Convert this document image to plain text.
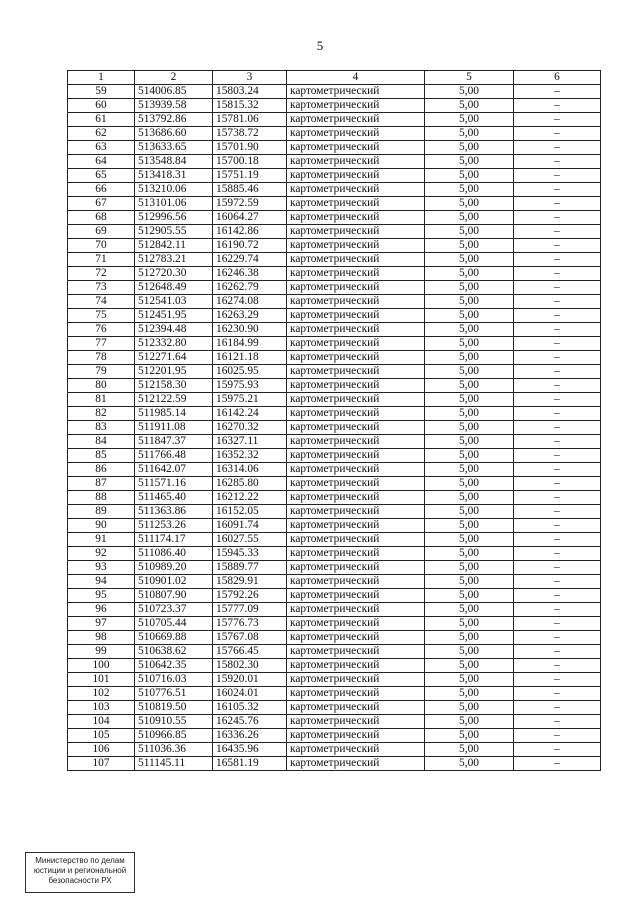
5
1	2	3	4	5	6
59	514006.85	15803.24	картометрический	5,00	–
60	513939.58	15815.32	картометрический	5,00	–
61	513792.86	15781.06	картометрический	5,00	–
62	513686.60	15738.72	картометрический	5,00	–
63	513633.65	15701.90	картометрический	5,00	–
64	513548.84	15700.18	картометрический	5,00	–
65	513418.31	15751.19	картометрический	5,00	–
66	513210.06	15885.46	картометрический	5,00	–
67	513101.06	15972.59	картометрический	5,00	–
68	512996.56	16064.27	картометрический	5,00	–
69	512905.55	16142.86	картометрический	5,00	–
70	512842.11	16190.72	картометрический	5,00	–
71	512783.21	16229.74	картометрический	5,00	–
72	512720.30	16246.38	картометрический	5,00	–
73	512648.49	16262.79	картометрический	5,00	–
74	512541.03	16274.08	картометрический	5,00	–
75	512451.95	16263.29	картометрический	5,00	–
76	512394.48	16230.90	картометрический	5,00	–
77	512332.80	16184.99	картометрический	5,00	–
78	512271.64	16121.18	картометрический	5,00	–
79	512201.95	16025.95	картометрический	5,00	–
80	512158.30	15975.93	картометрический	5,00	–
81	512122.59	15975.21	картометрический	5,00	–
82	511985.14	16142.24	картометрический	5,00	–
83	511911.08	16270.32	картометрический	5,00	–
84	511847.37	16327.11	картометрический	5,00	–
85	511766.48	16352.32	картометрический	5,00	–
86	511642.07	16314.06	картометрический	5,00	–
87	511571.16	16285.80	картометрический	5,00	–
88	511465.40	16212.22	картометрический	5,00	–
89	511363.86	16152.05	картометрический	5,00	–
90	511253.26	16091.74	картометрический	5,00	–
91	511174.17	16027.55	картометрический	5,00	–
92	511086.40	15945.33	картометрический	5,00	–
93	510989.20	15889.77	картометрический	5,00	–
94	510901.02	15829.91	картометрический	5,00	–
95	510807.90	15792.26	картометрический	5,00	–
96	510723.37	15777.09	картометрический	5,00	–
97	510705.44	15776.73	картометрический	5,00	–
98	510669.88	15767.08	картометрический	5,00	–
99	510638.62	15766.45	картометрический	5,00	–
100	510642.35	15802.30	картометрический	5,00	–
101	510716.03	15920.01	картометрический	5,00	–
102	510776.51	16024.01	картометрический	5,00	–
103	510819.50	16105.32	картометрический	5,00	–
104	510910.55	16245.76	картометрический	5,00	–
105	510966.85	16336.26	картометрический	5,00	–
106	511036.36	16435.96	картометрический	5,00	–
107	511145.11	16581.19	картометрический	5,00	–
Министерство по делам
юстиции и региональной
безопасности РХ
